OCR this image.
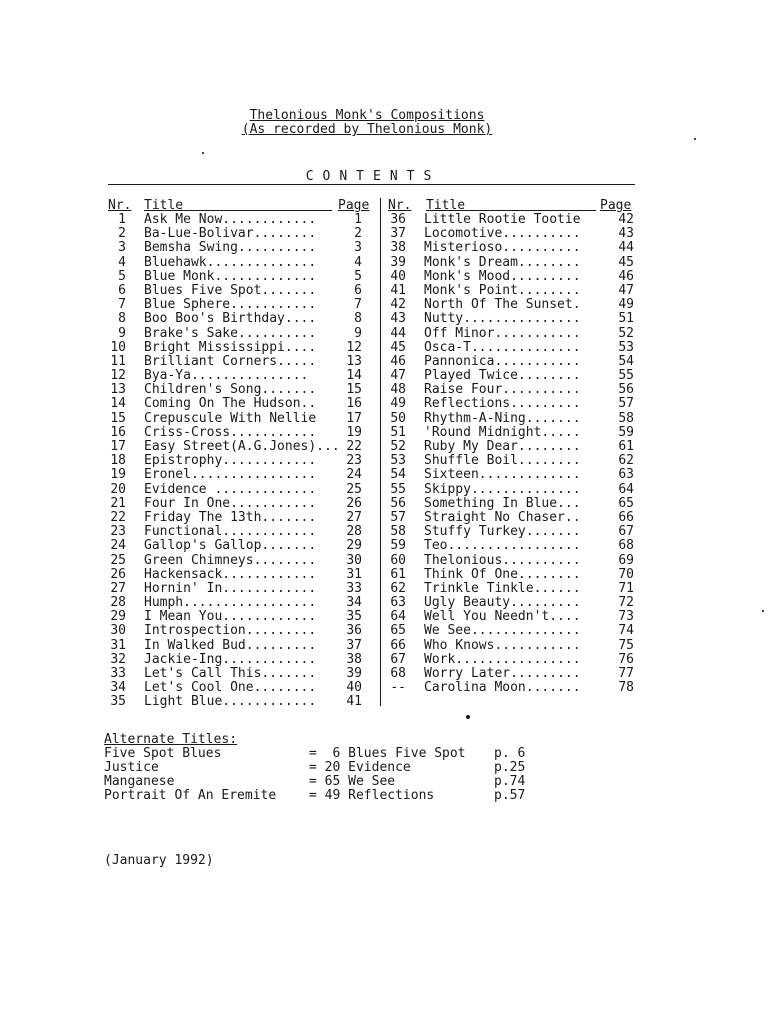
Thelonious Monk's Compositions
(As recorded by Thelonious Monk)
CONTENTS
Nr. Title	Page
1 Ask Me Now............	1
2 Ba-Lue-Bolivar........	2
3 Bemsha Swing..........	3
4 Bluehawk..............	4
5 Blue Monk.............	5
6 Blues Five Spot.......	6
7 Blue Sphere...........	7
8 Boo Boo's Birthday....	8
9 Brake's Sake..........	9
10 Bright Mississippi....	12
11 Brilliant Corners.....	13
12 Bya-Ya...............	14
13 Children's Song.......	15
14 Coming On The Hudson..	16
15 Crepuscule With Nellie	17
16 Criss-Cross...........	19
17 Easy Street(A.G.Jones)... 22
18 Epistrophy............	23
19 Eronel................	24
20 Evidence .............	25
21 Four In One...........	26
22 Friday The 13th.......	27
23 Functional............	28
24 Gallop's Gallop.......	29
25 Green Chimneys........	30
26 Hackensack............	31
27 Hornin' In............	33
28 Humph.................	34
29 I Mean You............	35
30 Introspection.........	36
31 In Walked Bud.........	37
32 Jackie-Ing............	38
33 Let's Call This.......	39
34 Let's Cool One........	40
35 Light Blue............	41
Nr. Title	Page
36 Little Rootie Tootie	42
37 Locomotive..........	43
38 Misterioso..........	44
39 Monk's Dream........	45
40 Monk's Mood.........	46
41 Monk's Point........	47
42 North Of The Sunset.	49
43 Nutty...............	51
44 Off Minor...........	52
45 Osca-T..............	53
46 Pannonica...........	54
47 Played Twice........	55
48 Raise Four..........	56
49 Reflections.........	57
50 Rhythm-A-Ning.......	58
51 'Round Midnight.....	59
52 Ruby My Dear........	61
53 Shuffle Boil........	62
54 Sixteen.............	63
55 Skippy..............	64
56 Something In Blue...	65
57 Straight No Chaser..	66
58 Stuffy Turkey.......	67
59 Teo.................	68
60 Thelonious..........	69
61 Think Of One........	70
62 Trinkle Tinkle......	71
63 Ugly Beauty.........	72
64 Well You Needn't....	73
65 We See..............	74
66 Who Knows...........	75
67 Work................	76
68 Worry Later.........	77
-- Carolina Moon.......	78
Alternate Titles:
Five Spot Blues	=  6 Blues Five Spot p. 6
Justice	= 20 Evidence	p.25
Manganese	= 65 We See	p.74
Portrait Of An Eremite	= 49 Reflections	p.57
(January 1992)
